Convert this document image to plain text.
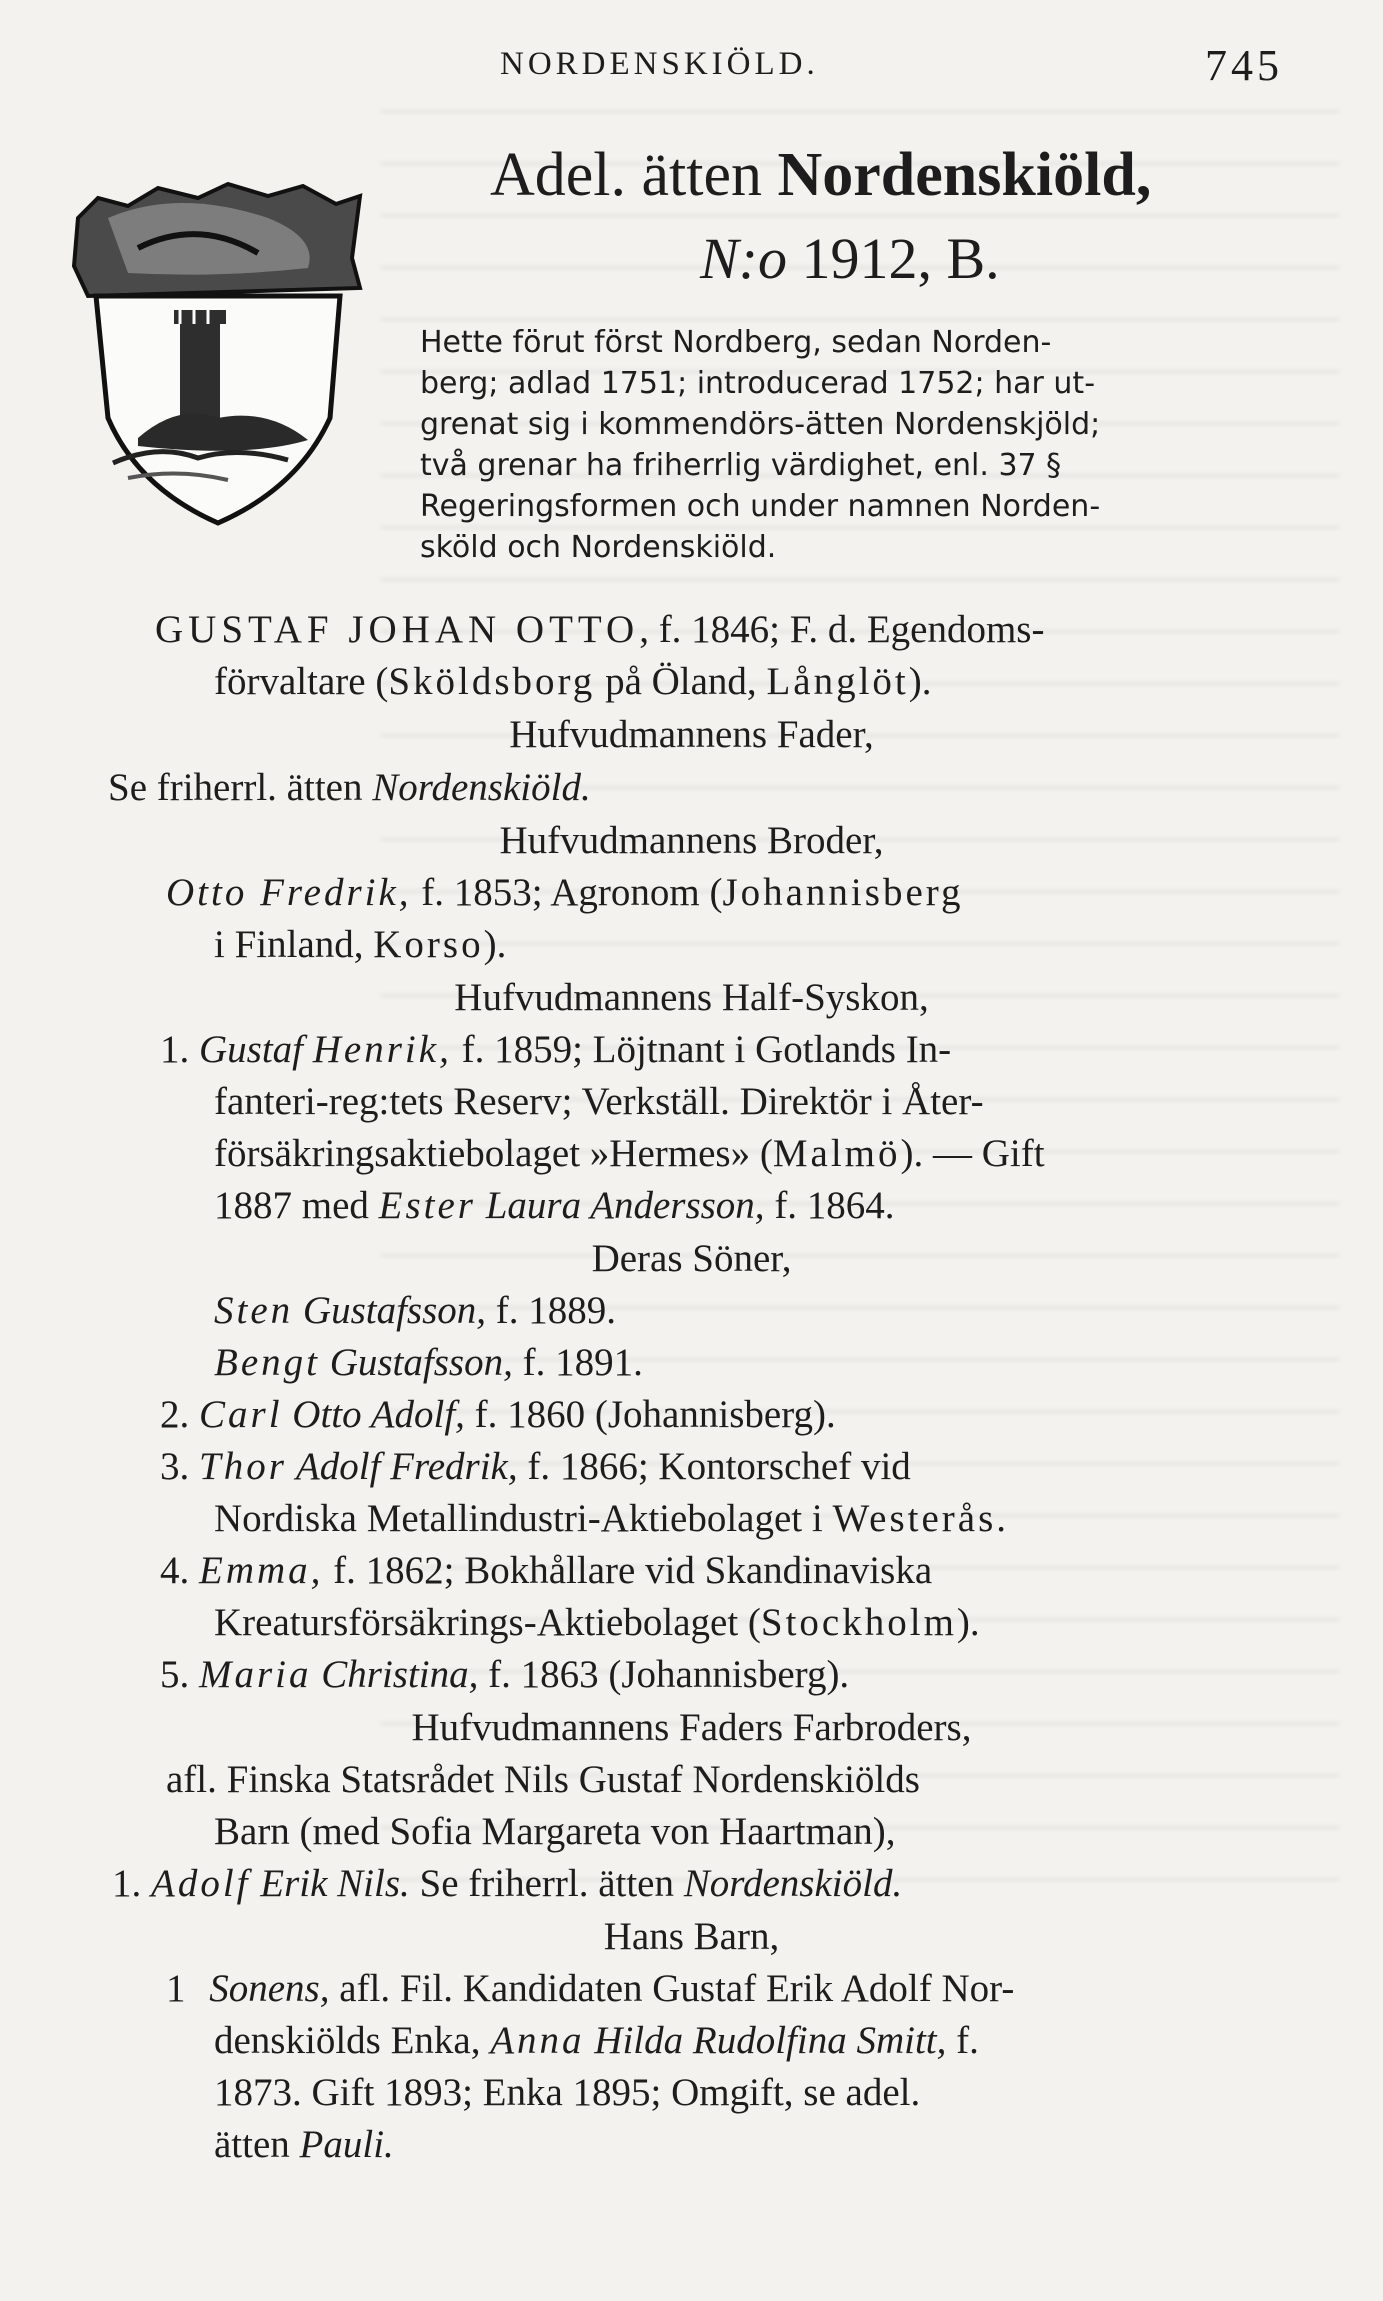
NORDENSKIÖLD.	745
Adel. ätten Nordenskiöld,
N:o 1912, B.
Hette förut först Nordberg, sedan Norden-
berg; adlad 1751; introducerad 1752; har ut-
grenat sig i kommendörs-ätten Nordenskjöld;
två grenar ha friherrlig värdighet, enl. 37 §
Regeringsformen och under namnen Norden-
sköld och Nordenskiöld.
GUSTAF JOHAN OTTO, f. 1846; F. d. Egendoms-
förvaltare (Sköldsborg på Öland, Långlöt).
Hufvudmannens Fader,
Se friherrl. ätten Nordenskiöld.
Hufvudmannens Broder,
Otto Fredrik, f. 1853; Agronom (Johannisberg
i Finland, Korso).
Hufvudmannens Half-Syskon,
1. Gustaf Henrik, f. 1859; Löjtnant i Gotlands In-
fanteri-reg:tets Reserv; Verkställ. Direktör i Åter-
försäkringsaktiebolaget »Hermes» (Malmö). — Gift
1887 med Ester Laura Andersson, f. 1864.
Deras Söner,
Sten Gustafsson, f. 1889.
Bengt Gustafsson, f. 1891.
2. Carl Otto Adolf, f. 1860 (Johannisberg).
3. Thor Adolf Fredrik, f. 1866; Kontorschef vid
Nordiska Metallindustri-Aktiebolaget i Westerås.
4. Emma, f. 1862; Bokhållare vid Skandinaviska
Kreatursförsäkrings-Aktiebolaget (Stockholm).
5. Maria Christina, f. 1863 (Johannisberg).
Hufvudmannens Faders Farbroders,
afl. Finska Statsrådet Nils Gustaf Nordenskiölds
Barn (med Sofia Margareta von Haartman),
1. Adolf Erik Nils. Se friherrl. ätten Nordenskiöld.
Hans Barn,
1 Sonens, afl. Fil. Kandidaten Gustaf Erik Adolf Nor-
denskiölds Enka, Anna Hilda Rudolfina Smitt, f.
1873. Gift 1893; Enka 1895; Omgift, se adel.
ätten Pauli.
